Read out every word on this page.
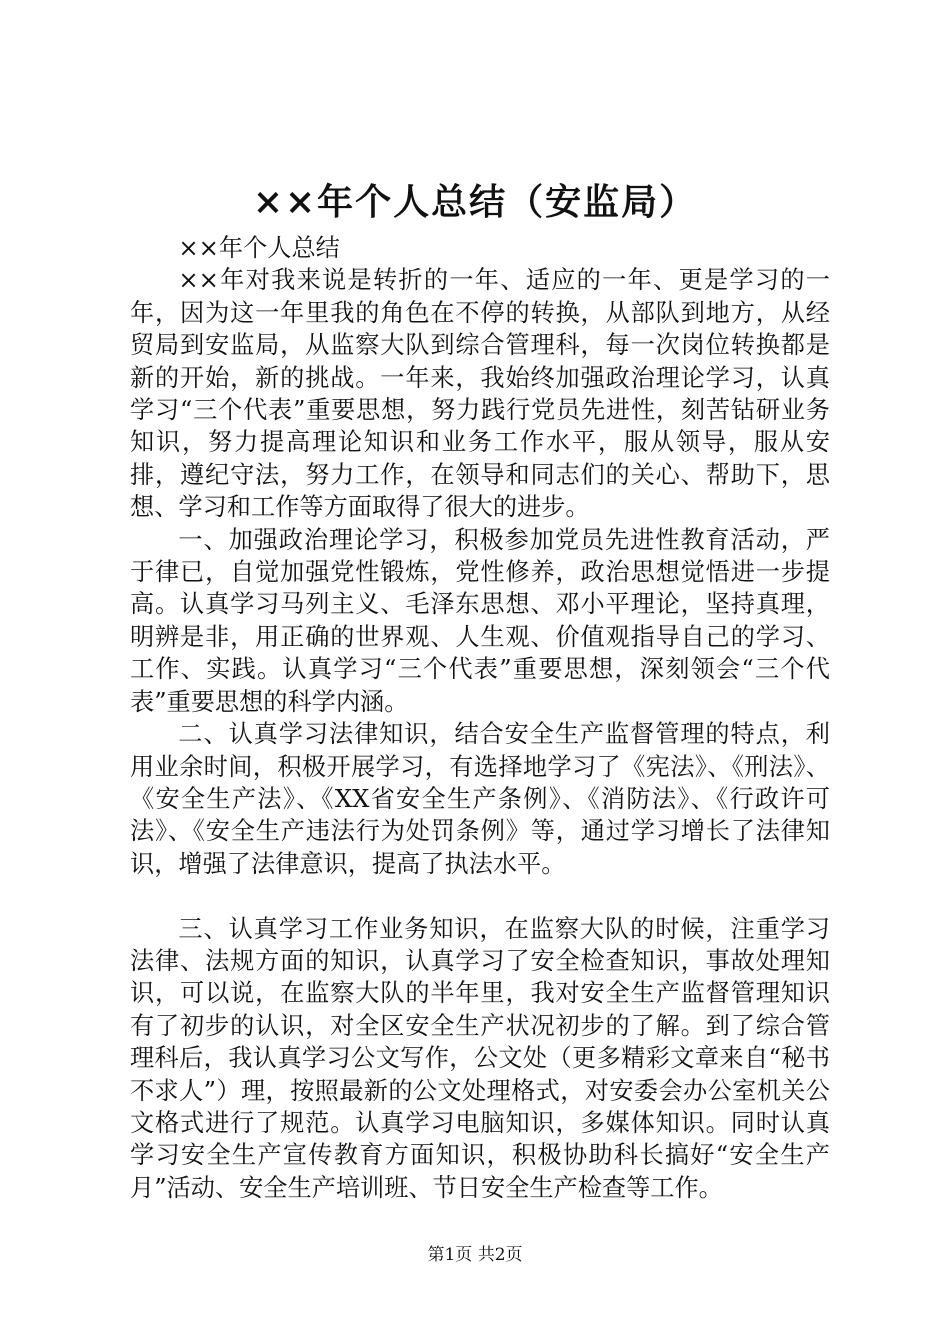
××年个人总结（安监局）

××年个人总结

××年对我来说是转折的一年、适应的一年、更是学习的一年，因为这一年里我的角色在不停的转换，从部队到地方，从经贸局到安监局，从监察大队到综合管理科，每一次岗位转换都是新的开始，新的挑战。一年来，我始终加强政治理论学习，认真学习“三个代表”重要思想，努力践行党员先进性，刻苦钻研业务知识，努力提高理论知识和业务工作水平，服从领导，服从安排，遵纪守法，努力工作，在领导和同志们的关心、帮助下，思想、学习和工作等方面取得了很大的进步。

一、加强政治理论学习，积极参加党员先进性教育活动，严于律已，自觉加强党性锻炼，党性修养，政治思想觉悟进一步提高。认真学习马列主义、毛泽东思想、邓小平理论，坚持真理，明辨是非，用正确的世界观、人生观、价值观指导自己的学习、工作、实践。认真学习“三个代表”重要思想，深刻领会“三个代表”重要思想的科学内涵。

二、认真学习法律知识，结合安全生产监督管理的特点，利用业余时间，积极开展学习，有选择地学习了《宪法》、《刑法》、《安全生产法》、《XX省安全生产条例》、《消防法》、《行政许可法》、《安全生产违法行为处罚条例》等，通过学习增长了法律知识，增强了法律意识，提高了执法水平。

三、认真学习工作业务知识，在监察大队的时候，注重学习法律、法规方面的知识，认真学习了安全检查知识，事故处理知识，可以说，在监察大队的半年里，我对安全生产监督管理知识有了初步的认识，对全区安全生产状况初步的了解。到了综合管理科后，我认真学习公文写作，公文处（更多精彩文章来自“秘书不求人”）理，按照最新的公文处理格式，对安委会办公室机关公文格式进行了规范。认真学习电脑知识，多媒体知识。同时认真学习安全生产宣传教育方面知识，积极协助科长搞好“安全生产月”活动、安全生产培训班、节日安全生产检查等工作。

第1页 共2页
